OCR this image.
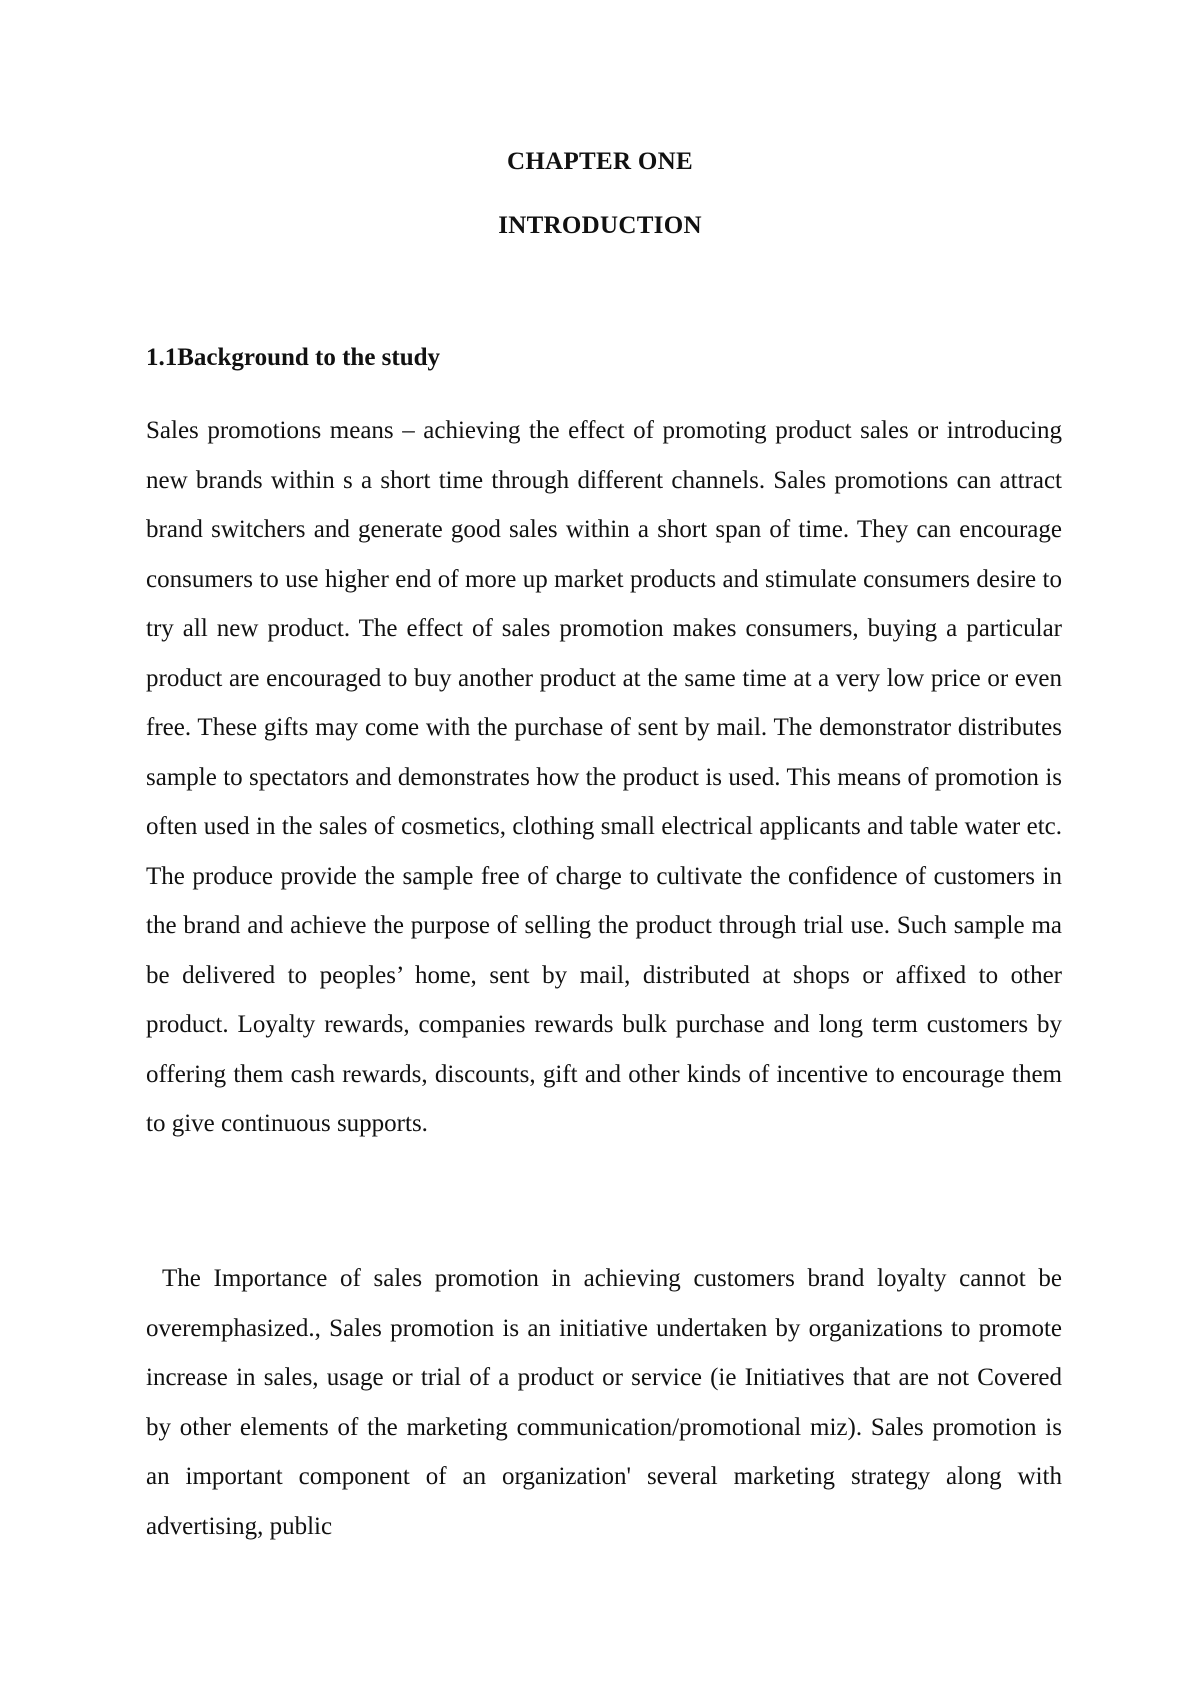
CHAPTER ONE
INTRODUCTION
1.1Background to the study

Sales promotions means – achieving the effect of promoting product sales or introducing new brands within s a short time through different channels. Sales promotions can attract brand switchers and generate good sales within a short span of time. They can encourage consumers to use higher end of more up market products and stimulate consumers desire to try all new product. The effect of sales promotion makes consumers, buying a particular product are encouraged to buy another product at the same time at a very low price or even free. These gifts may come with the purchase of sent by mail. The demonstrator distributes sample to spectators and demonstrates how the product is used. This means of promotion is often used in the sales of cosmetics, clothing small electrical applicants and table water etc. The produce provide the sample free of charge to cultivate the confidence of customers in the brand and achieve the purpose of selling the product through trial use. Such sample ma be delivered to peoples’ home, sent by mail, distributed at shops or affixed to other product. Loyalty rewards, companies rewards bulk purchase and long term customers by offering them cash rewards, discounts, gift and other kinds of incentive to encourage them to give continuous supports.

The Importance of sales promotion in achieving customers brand loyalty cannot be overemphasized., Sales promotion is an initiative undertaken by organizations to promote increase in sales, usage or trial of a product or service (ie Initiatives that are not Covered by other elements of the marketing communication/promotional miz). Sales promotion is an important component of an organization' several marketing strategy along with advertising, public
